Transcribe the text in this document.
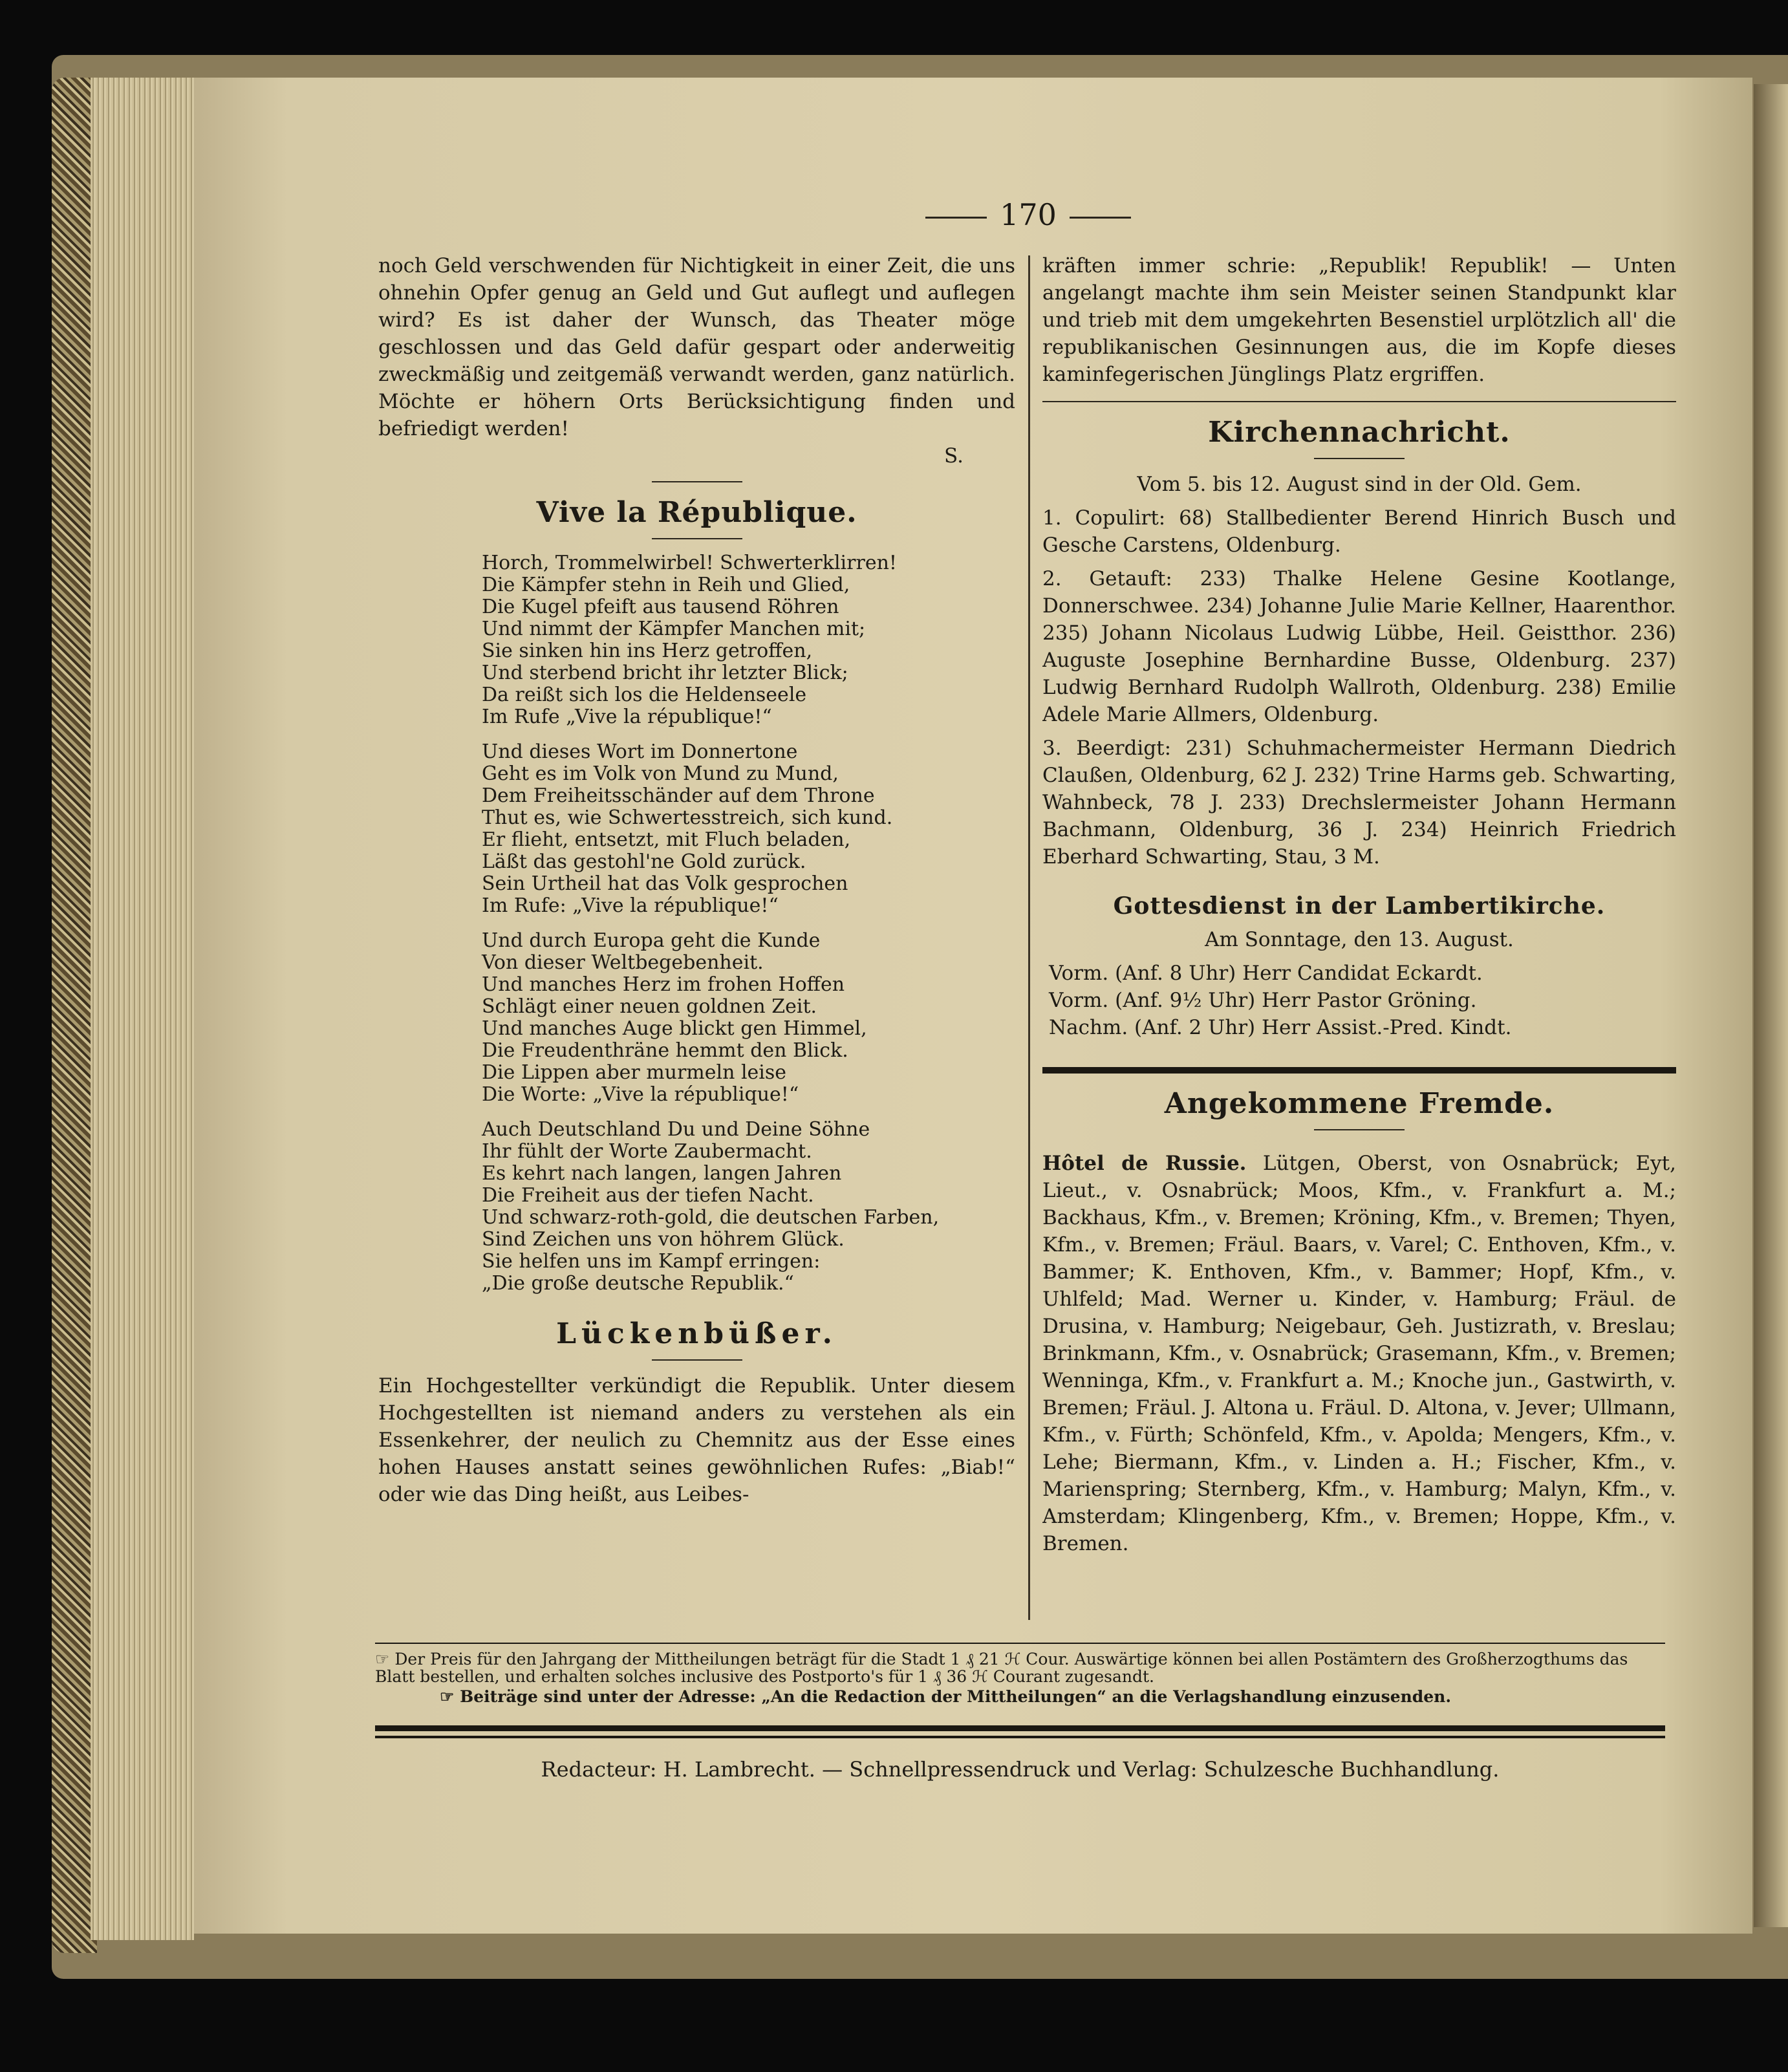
170

noch Geld verschwenden für Nichtigkeit in einer Zeit, die uns ohnehin Opfer genug an Geld und Gut auflegt und auflegen wird? Es ist daher der Wunsch, das Theater möge geschlossen und das Geld dafür gespart oder anderweitig zweckmäßig und zeitgemäß verwandt werden, ganz natürlich. Möchte er höhern Orts Berücksichtigung finden und befriedigt werden!

S.
Vive la République.
Horch, Trommelwirbel! Schwerterklirren!
Die Kämpfer stehn in Reih und Glied,
Die Kugel pfeift aus tausend Röhren
Und nimmt der Kämpfer Manchen mit;
Sie sinken hin ins Herz getroffen,
Und sterbend bricht ihr letzter Blick;
Da reißt sich los die Heldenseele
Im Rufe „Vive la république!“
Und dieses Wort im Donnertone
Geht es im Volk von Mund zu Mund,
Dem Freiheitsschänder auf dem Throne
Thut es, wie Schwertesstreich, sich kund.
Er flieht, entsetzt, mit Fluch beladen,
Läßt das gestohl'ne Gold zurück.
Sein Urtheil hat das Volk gesprochen
Im Rufe: „Vive la république!“
Und durch Europa geht die Kunde
Von dieser Weltbegebenheit.
Und manches Herz im frohen Hoffen
Schlägt einer neuen goldnen Zeit.
Und manches Auge blickt gen Himmel,
Die Freudenthräne hemmt den Blick.
Die Lippen aber murmeln leise
Die Worte: „Vive la république!“
Auch Deutschland Du und Deine Söhne
Ihr fühlt der Worte Zaubermacht.
Es kehrt nach langen, langen Jahren
Die Freiheit aus der tiefen Nacht.
Und schwarz-roth-gold, die deutschen Farben,
Sind Zeichen uns von höhrem Glück.
Sie helfen uns im Kampf erringen:
„Die große deutsche Republik.“
Lückenbüßer.

Ein Hochgestellter verkündigt die Republik. Unter diesem Hochgestellten ist niemand anders zu verstehen als ein Essenkehrer, der neulich zu Chemnitz aus der Esse eines hohen Hauses anstatt seines gewöhnlichen Rufes: „Biab!“ oder wie das Ding heißt, aus Leibes-

kräften immer schrie: „Republik! Republik! — Unten angelangt machte ihm sein Meister seinen Standpunkt klar und trieb mit dem umgekehrten Besenstiel urplötzlich all' die republikanischen Gesinnungen aus, die im Kopfe dieses kaminfegerischen Jünglings Platz ergriffen.

Kirchennachricht.

Vom 5. bis 12. August sind in der Old. Gem.

1. Copulirt: 68) Stallbedienter Berend Hinrich Busch und Gesche Carstens, Oldenburg.

2. Getauft: 233) Thalke Helene Gesine Kootlange, Donnerschwee. 234) Johanne Julie Marie Kellner, Haarenthor. 235) Johann Nicolaus Ludwig Lübbe, Heil. Geistthor. 236) Auguste Josephine Bernhardine Busse, Oldenburg. 237) Ludwig Bernhard Rudolph Wallroth, Oldenburg. 238) Emilie Adele Marie Allmers, Oldenburg.

3. Beerdigt: 231) Schuhmachermeister Hermann Diedrich Claußen, Oldenburg, 62 J. 232) Trine Harms geb. Schwarting, Wahnbeck, 78 J. 233) Drechslermeister Johann Hermann Bachmann, Oldenburg, 36 J. 234) Heinrich Friedrich Eberhard Schwarting, Stau, 3 M.

Gottesdienst in der Lambertikirche.

Am Sonntage, den 13. August.

Vorm. (Anf. 8 Uhr) Herr Candidat Eckardt.
Vorm. (Anf. 9½ Uhr) Herr Pastor Gröning.
Nachm. (Anf. 2 Uhr) Herr Assist.-Pred. Kindt.
Angekommene Fremde.

Hôtel de Russie. Lütgen, Oberst, von Osnabrück; Eyt, Lieut., v. Osnabrück; Moos, Kfm., v. Frankfurt a. M.; Backhaus, Kfm., v. Bremen; Kröning, Kfm., v. Bremen; Thyen, Kfm., v. Bremen; Fräul. Baars, v. Varel; C. Enthoven, Kfm., v. Bammer; K. Enthoven, Kfm., v. Bammer; Hopf, Kfm., v. Uhlfeld; Mad. Werner u. Kinder, v. Hamburg; Fräul. de Drusina, v. Hamburg; Neigebaur, Geh. Justizrath, v. Breslau; Brinkmann, Kfm., v. Osnabrück; Grasemann, Kfm., v. Bremen; Wenninga, Kfm., v. Frankfurt a. M.; Knoche jun., Gastwirth, v. Bremen; Fräul. J. Altona u. Fräul. D. Altona, v. Jever; Ullmann, Kfm., v. Fürth; Schönfeld, Kfm., v. Apolda; Mengers, Kfm., v. Lehe; Biermann, Kfm., v. Linden a. H.; Fischer, Kfm., v. Marienspring; Sternberg, Kfm., v. Hamburg; Malyn, Kfm., v. Amsterdam; Klingenberg, Kfm., v. Bremen; Hoppe, Kfm., v. Bremen.

☞ Der Preis für den Jahrgang der Mittheilungen beträgt für die Stadt 1 ₰ 21 ℋ Cour. Auswärtige können bei allen Postämtern des Großherzogthums das Blatt bestellen, und erhalten solches inclusive des Postporto's für 1 ₰ 36 ℋ Courant zugesandt.
☞ Beiträge sind unter der Adresse: „An die Redaction der Mittheilungen“ an die Verlagshandlung einzusenden.
Redacteur: H. Lambrecht. — Schnellpressendruck und Verlag: Schulzesche Buchhandlung.
